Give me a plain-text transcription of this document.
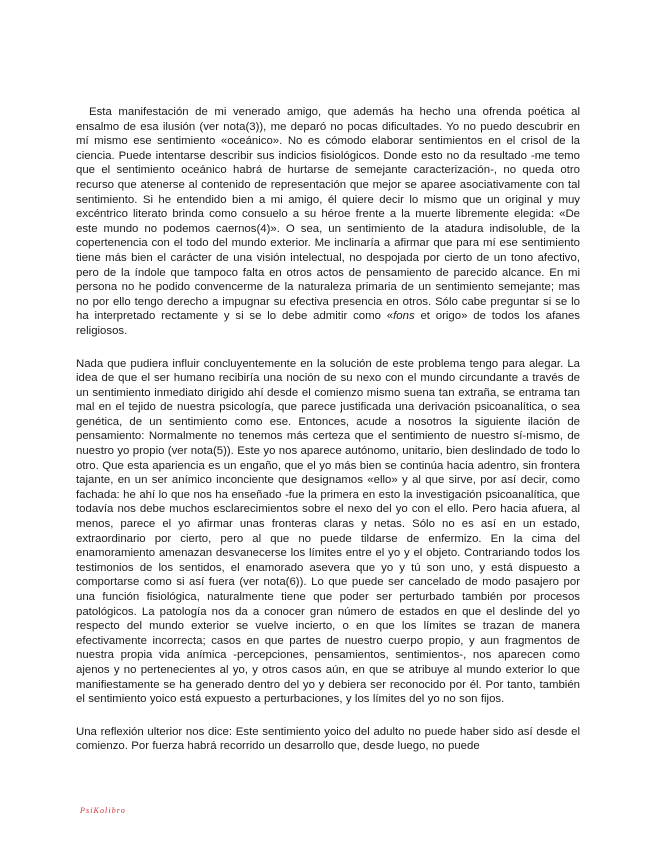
Esta manifestación de mi venerado amigo, que además ha hecho una ofrenda poética al ensalmo de esa ilusión (ver nota(3)), me deparó no pocas dificultades. Yo no puedo descubrir en mí mismo ese sentimiento «oceánico». No es cómodo elaborar sentimientos en el crisol de la ciencia. Puede intentarse describir sus indicios fisiológicos. Donde esto no da resultado -me temo que el sentimiento oceánico habrá de hurtarse de semejante caracterización-, no queda otro recurso que atenerse al contenido de representación que mejor se aparee asociativamente con tal sentimiento. Si he entendido bien a mi amigo, él quiere decir lo mismo que un original y muy excéntrico literato brinda como consuelo a su héroe frente a la muerte libremente elegida: «De este mundo no podemos caernos(4)». O sea, un sentimiento de la atadura indisoluble, de la copertenencia con el todo del mundo exterior. Me inclinaría a afirmar que para mí ese sentimiento tiene más bien el carácter de una visión intelectual, no despojada por cierto de un tono afectivo, pero de la índole que tampoco falta en otros actos de pensamiento de parecido alcance. En mi persona no he podido convencerme de la naturaleza primaria de un sentimiento semejante; mas no por ello tengo derecho a impugnar su efectiva presencia en otros. Sólo cabe preguntar si se lo ha interpretado rectamente y si se lo debe admitir como «fons et origo» de todos los afanes religiosos.

Nada que pudiera influir concluyentemente en la solución de este problema tengo para alegar. La idea de que el ser humano recibiría una noción de su nexo con el mundo circundante a través de un sentimiento inmediato dirigido ahí desde el comienzo mismo suena tan extraña, se entrama tan mal en el tejido de nuestra psicología, que parece justificada una derivación psicoanalítica, o sea genética, de un sentimiento como ese. Entonces, acude a nosotros la siguiente ilación de pensamiento: Normalmente no tenemos más certeza que el sentimiento de nuestro sí-mismo, de nuestro yo propio (ver nota(5)). Este yo nos aparece autónomo, unitario, bien deslindado de todo lo otro. Que esta apariencia es un engaño, que el yo más bien se continúa hacia adentro, sin frontera tajante, en un ser anímico inconciente que designamos «ello» y al que sirve, por así decir, como fachada: he ahí lo que nos ha enseñado -fue la primera en esto la investigación psicoanalítica, que todavía nos debe muchos esclarecimientos sobre el nexo del yo con el ello. Pero hacia afuera, al menos, parece el yo afirmar unas fronteras claras y netas. Sólo no es así en un estado, extraordinario por cierto, pero al que no puede tildarse de enfermizo. En la cima del enamoramiento amenazan desvanecerse los límites entre el yo y el objeto. Contrariando todos los testimonios de los sentidos, el enamorado asevera que yo y tú son uno, y está dispuesto a comportarse como si así fuera (ver nota(6)). Lo que puede ser cancelado de modo pasajero por una función fisiológica, naturalmente tiene que poder ser perturbado también por procesos patológicos. La patología nos da a conocer gran número de estados en que el deslinde del yo respecto del mundo exterior se vuelve incierto, o en que los límites se trazan de manera efectivamente incorrecta; casos en que partes de nuestro cuerpo propio, y aun fragmentos de nuestra propia vida anímica -percepciones, pensamientos, sentimientos-, nos aparecen como ajenos y no pertenecientes al yo, y otros casos aún, en que se atribuye al mundo exterior lo que manifiestamente se ha generado dentro del yo y debiera ser reconocido por él. Por tanto, también el sentimiento yoico está expuesto a perturbaciones, y los límites del yo no son fijos.

Una reflexión ulterior nos dice: Este sentimiento yoico del adulto no puede haber sido así desde el comienzo. Por fuerza habrá recorrido un desarrollo que, desde luego, no puede

PsiKolibro
